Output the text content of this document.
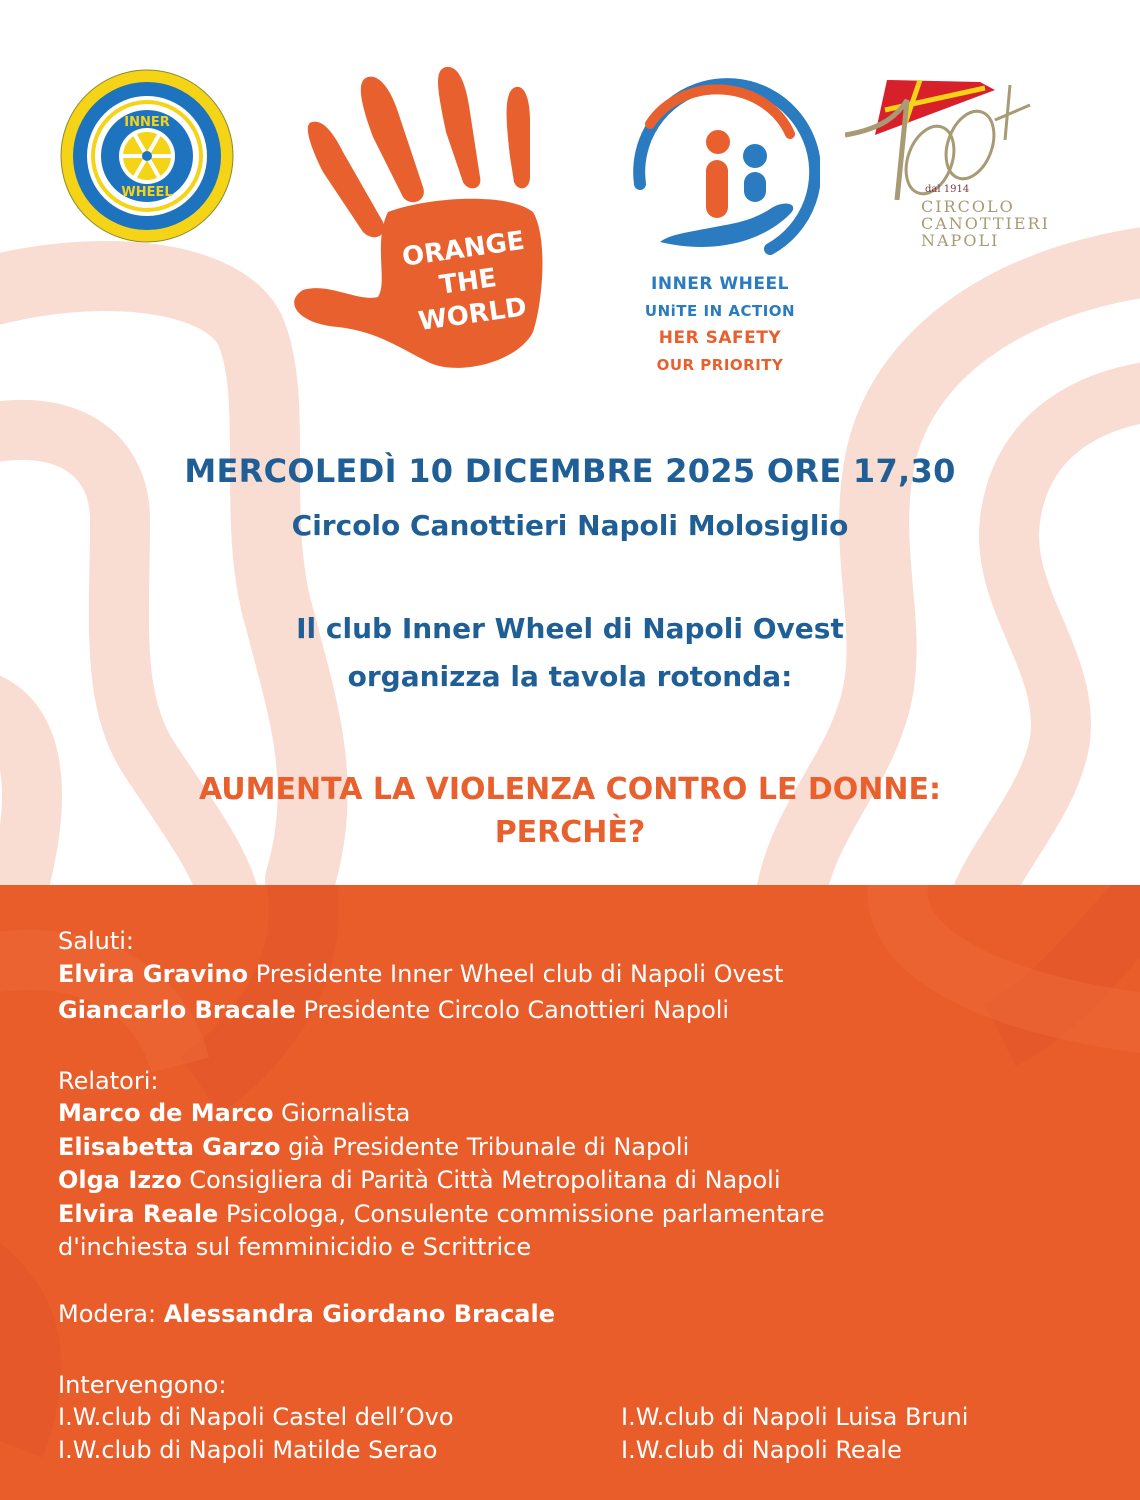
INNER
WHEEL
ORANGE
THE
WORLD
INNER WHEEL
UNiTE IN ACTION
HER SAFETY
OUR PRIORITY
dal 1914
CIRCOLO
CANOTTIERI
NAPOLI
MERCOLEDÌ 10 DICEMBRE 2025 ORE 17,30
Circolo Canottieri Napoli Molosiglio
Il club Inner Wheel di Napoli Ovest
organizza la tavola rotonda:
AUMENTA LA VIOLENZA CONTRO LE DONNE:
PERCHÈ?
Saluti:
Elvira Gravino Presidente Inner Wheel club di Napoli Ovest
Giancarlo Bracale Presidente Circolo Canottieri Napoli
Relatori:
Marco de Marco Giornalista
Elisabetta Garzo già Presidente Tribunale di Napoli
Olga Izzo Consigliera di Parità Città Metropolitana di Napoli
Elvira Reale Psicologa, Consulente commissione parlamentare
d'inchiesta sul femminicidio e Scrittrice
Modera: Alessandra Giordano Bracale
Intervengono:
I.W.club di Napoli Castel dell’Ovo	I.W.club di Napoli Luisa Bruni
I.W.club di Napoli Matilde Serao	I.W.club di Napoli Reale
